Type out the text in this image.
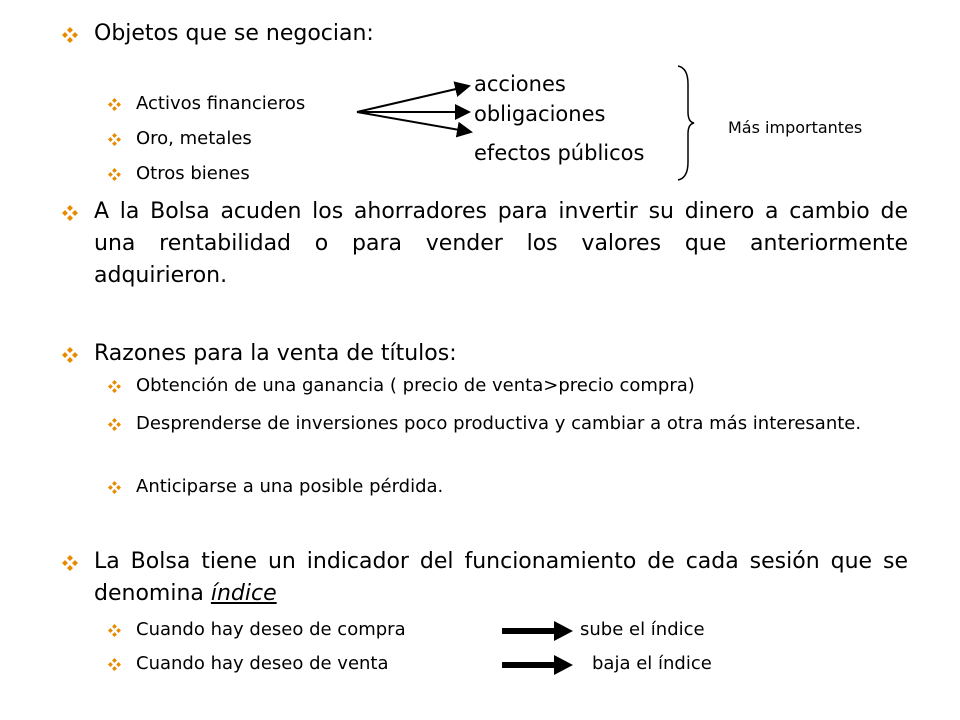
Objetos que se negocian:
Activos financieros
Oro, metales
Otros bienes
acciones
obligaciones
efectos públicos
Más importantes
A la Bolsa acuden los ahorradores para invertir su dinero a cambio de una rentabilidad o para vender los valores que anteriormente adquirieron.
Razones para la venta de títulos:
Obtención de una ganancia ( precio de venta>precio compra)
Desprenderse de inversiones poco productiva y cambiar a otra más interesante.
Anticiparse a una posible pérdida.
La Bolsa tiene un indicador del funcionamiento de cada sesión que se denomina índice
Cuando hay deseo de compra	sube el índice
Cuando hay deseo de venta	baja el índice
